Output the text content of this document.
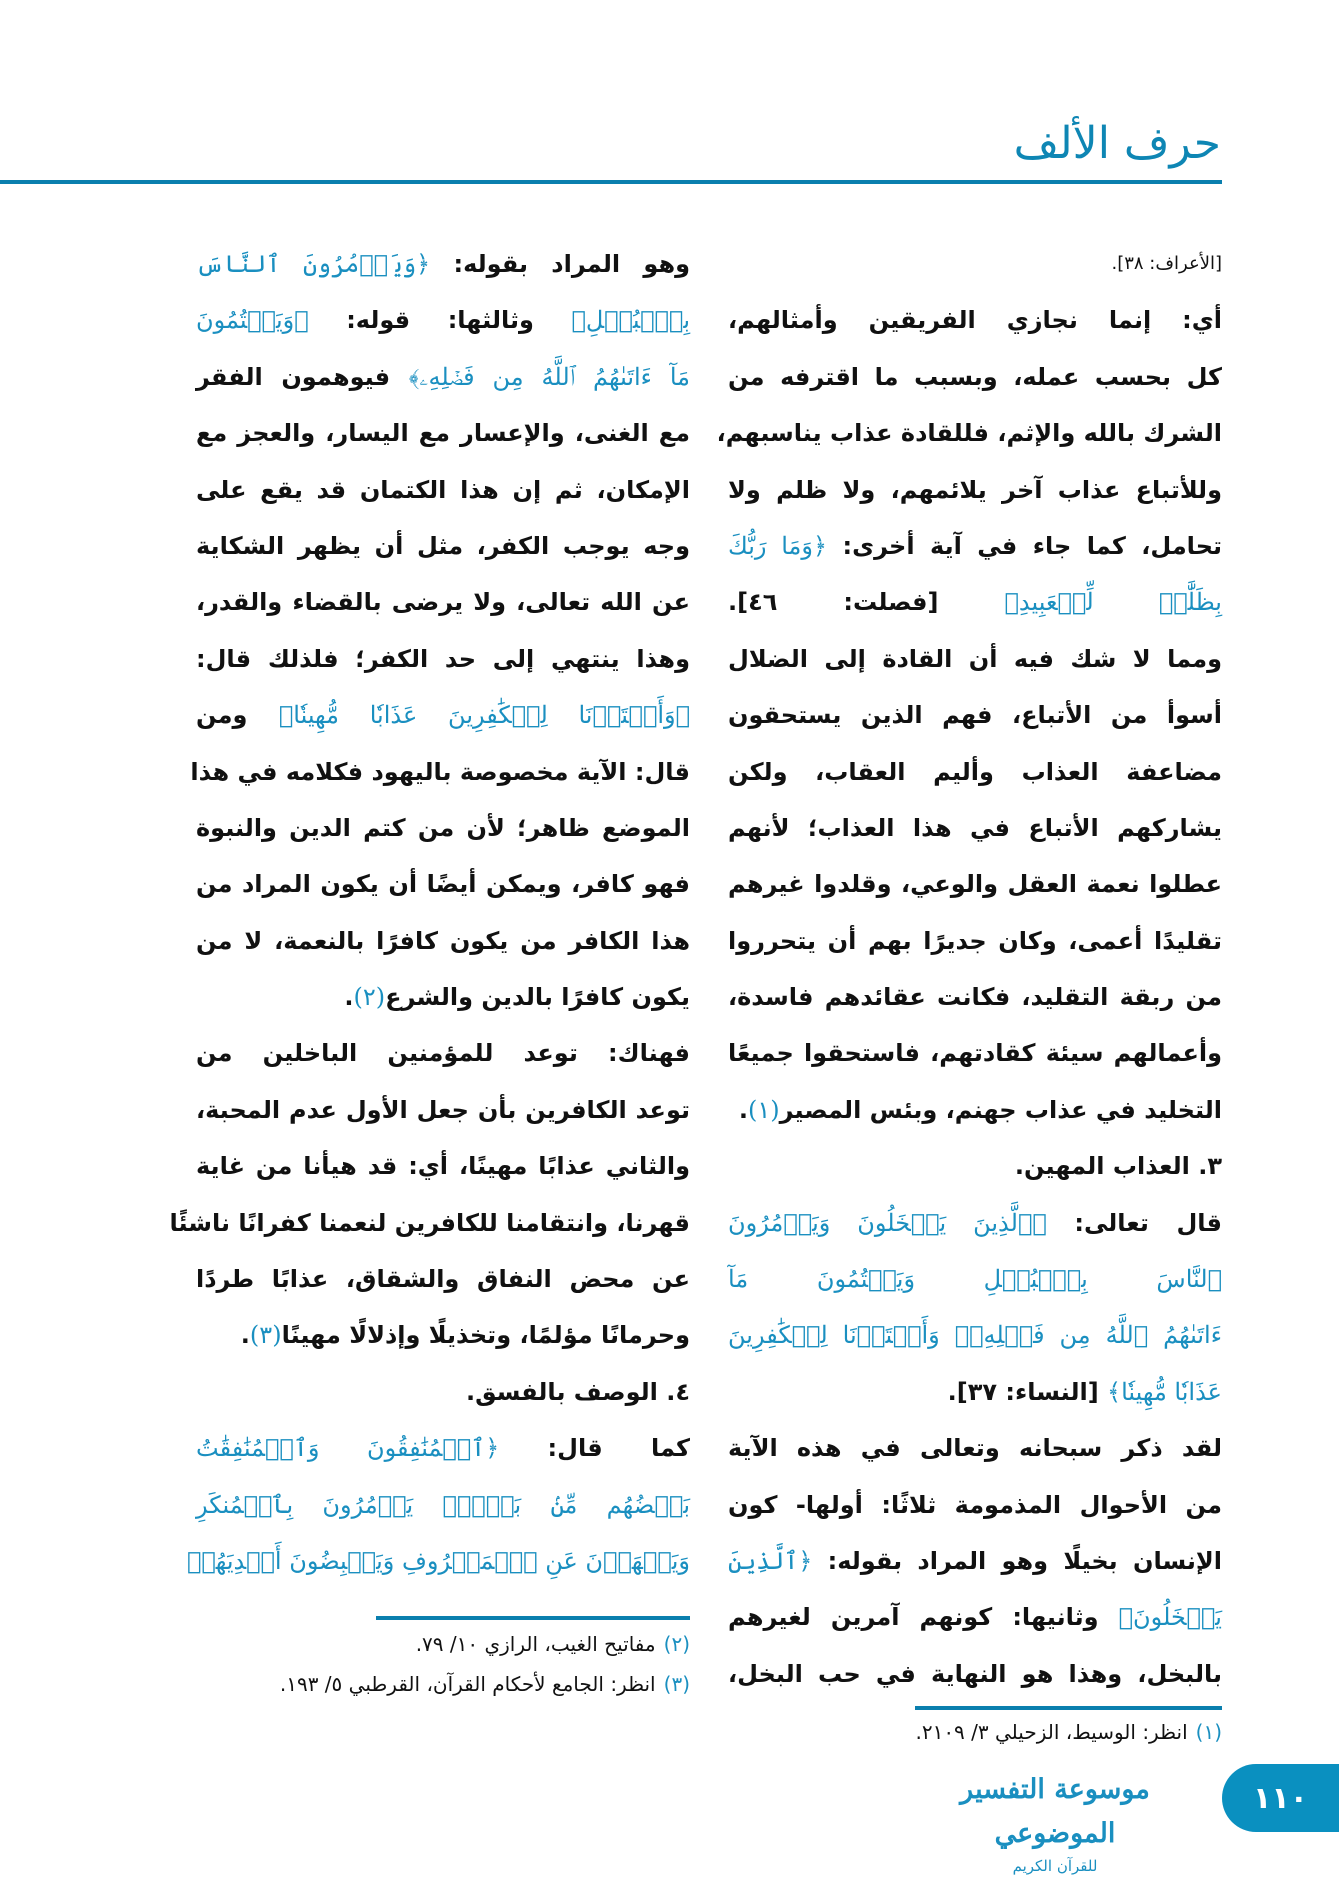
حرف الألف
[الأعراف: ٣٨].
أي: إنما نجازي الفريقين وأمثالهم،
كل بحسب عمله، وبسبب ما اقترفه من
الشرك بالله والإثم، فللقادة عذاب يناسبهم،
وللأتباع عذاب آخر يلائمهم، ولا ظلم ولا
تحامل، كما جاء في آية أخرى: ﴿وَمَا رَبُّكَ
بِظَلَّٰمٖ لِّلۡعَبِيدِ﴾ [فصلت: ٤٦].
ومما لا شك فيه أن القادة إلى الضلال
أسوأ من الأتباع، فهم الذين يستحقون
مضاعفة العذاب وأليم العقاب، ولكن
يشاركهم الأتباع في هذا العذاب؛ لأنهم
عطلوا نعمة العقل والوعي، وقلدوا غيرهم
تقليدًا أعمى، وكان جديرًا بهم أن يتحرروا
من ربقة التقليد، فكانت عقائدهم فاسدة،
وأعمالهم سيئة كقادتهم، فاستحقوا جميعًا
التخليد في عذاب جهنم، وبئس المصير(١).
٣. العذاب المهين.
قال تعالى: ﴿ٱلَّذِينَ يَبۡخَلُونَ وَيَأۡمُرُونَ
ٱلنَّاسَ بِٱلۡبُخۡلِ وَيَكۡتُمُونَ مَآ
ءَاتَىٰهُمُ ٱللَّهُ مِن فَضۡلِهِۦۗ وَأَعۡتَدۡنَا لِلۡكَٰفِرِينَ
عَذَابٗا مُّهِينٗا﴾ [النساء: ٣٧].
لقد ذكر سبحانه وتعالى في هذه الآية
من الأحوال المذمومة ثلاثًا: أولها- كون
الإنسان بخيلًا وهو المراد بقوله: ﴿ٱلَّذِينَ
يَبۡخَلُونَ﴾ وثانيها: كونهم آمرين لغيرهم
بالبخل، وهذا هو النهاية في حب البخل،
وهو المراد بقوله: ﴿وَيَأۡمُرُونَ ٱلنَّاسَ
بِٱلۡبُخۡلِ﴾ وثالثها: قوله: ﴿وَيَكۡتُمُونَ
مَآ ءَاتَىٰهُمُ ٱللَّهُ مِن فَضۡلِهِۦ﴾ فيوهمون الفقر
مع الغنى، والإعسار مع اليسار، والعجز مع
الإمكان، ثم إن هذا الكتمان قد يقع على
وجه يوجب الكفر، مثل أن يظهر الشكاية
عن الله تعالى، ولا يرضى بالقضاء والقدر،
وهذا ينتهي إلى حد الكفر؛ فلذلك قال:
﴿وَأَعۡتَدۡنَا لِلۡكَٰفِرِينَ عَذَابٗا مُّهِينٗا﴾ ومن
قال: الآية مخصوصة باليهود فكلامه في هذا
الموضع ظاهر؛ لأن من كتم الدين والنبوة
فهو كافر، ويمكن أيضًا أن يكون المراد من
هذا الكافر من يكون كافرًا بالنعمة، لا من
يكون كافرًا بالدين والشرع(٢).
فهناك: توعد للمؤمنين الباخلين من
توعد الكافرين بأن جعل الأول عدم المحبة،
والثاني عذابًا مهينًا، أي: قد هيأنا من غاية
قهرنا، وانتقامنا للكافرين لنعمنا كفرانًا ناشئًا
عن محض النفاق والشقاق، عذابًا طردًا
وحرمانًا مؤلمًا، وتخذيلًا وإذلالًا مهينًا(٣).
٤. الوصف بالفسق.
كما قال: ﴿ٱلۡمُنَٰفِقُونَ وَٱلۡمُنَٰفِقَٰتُ
بَعۡضُهُم مِّنۢ بَعۡضٖۚ يَأۡمُرُونَ بِٱلۡمُنكَرِ
وَيَنۡهَوۡنَ عَنِ ٱلۡمَعۡرُوفِ وَيَقۡبِضُونَ أَيۡدِيَهُمۡ
(٢)مفاتيح الغيب، الرازي ١٠/ ٧٩.
(٣)انظر: الجامع لأحكام القرآن، القرطبي ٥/ ١٩٣.
(١)انظر: الوسيط، الزحيلي ٣/ ٢١٠٩.
موسوعة التفسير الموضوعي
للقرآن الكريم
١١٠
